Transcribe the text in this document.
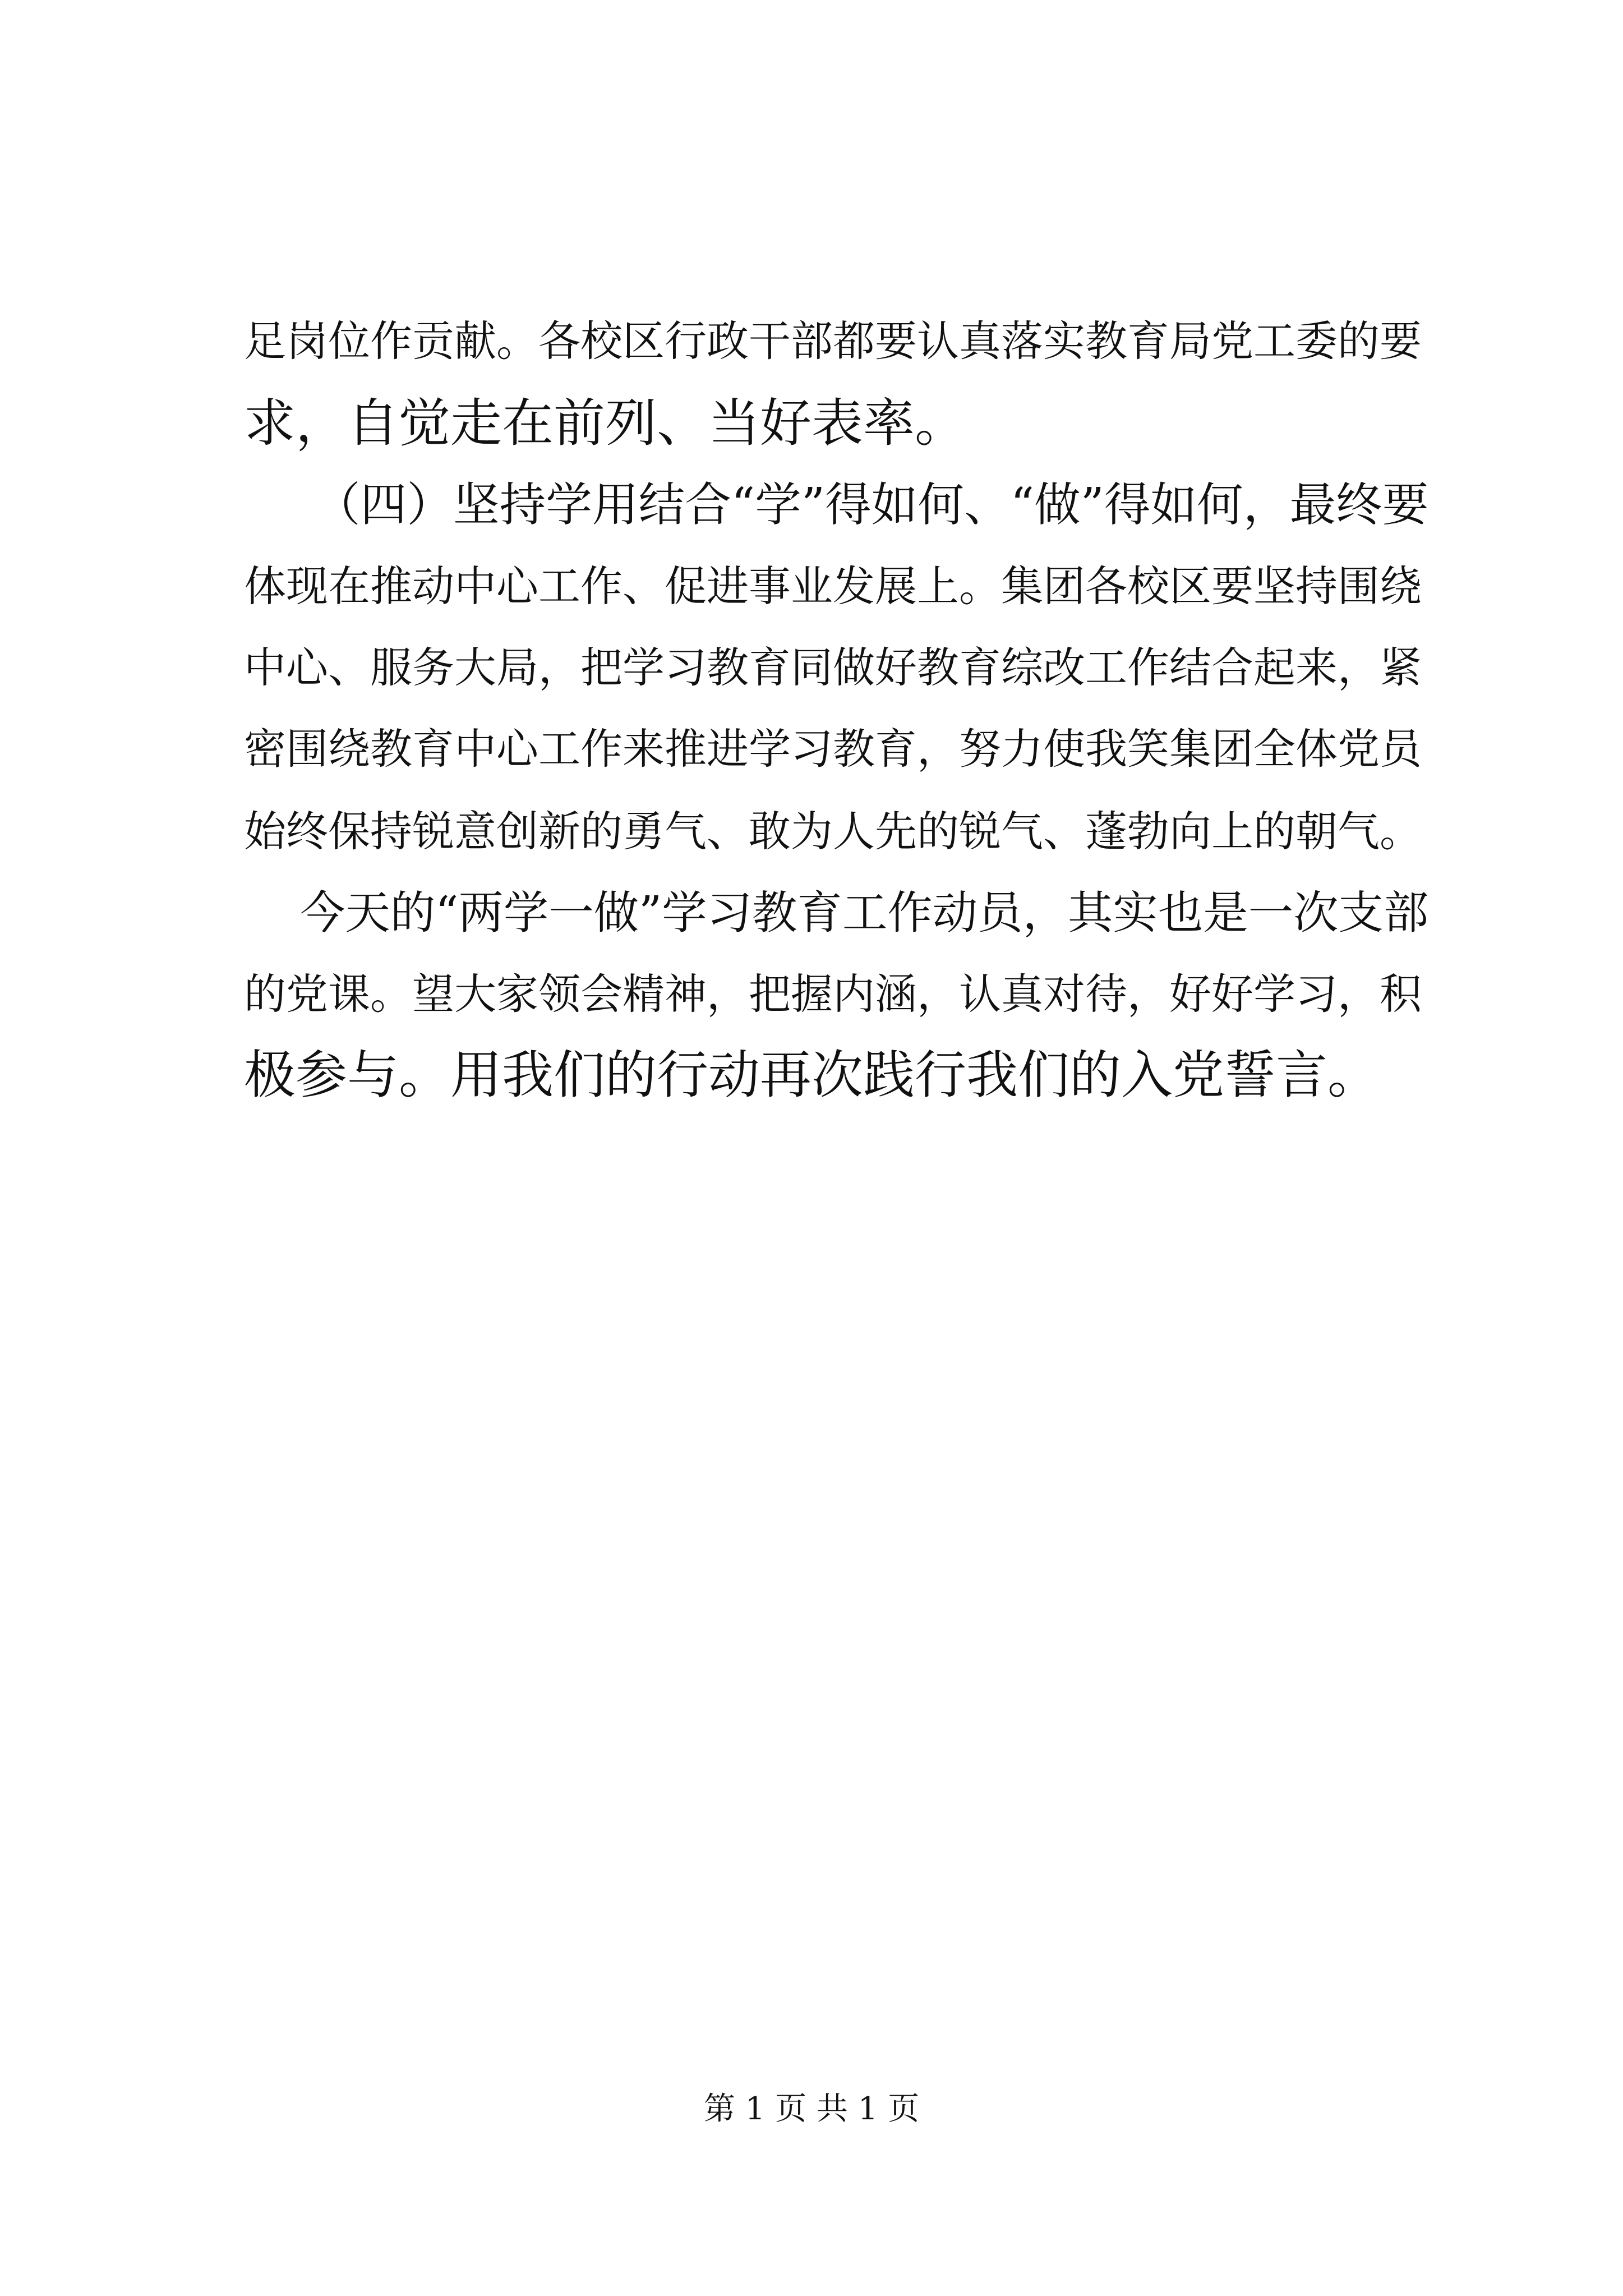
足岗位作贡献。各校区行政干部都要认真落实教育局党工委的要
求，自觉走在前列、当好表率。
（四）坚持学用结合“学”得如何、“做”得如何，最终要
体现在推动中心工作、促进事业发展上。集团各校区要坚持围绕
中心、服务大局，把学习教育同做好教育综改工作结合起来，紧
密围绕教育中心工作来推进学习教育，努力使我笑集团全体党员
始终保持锐意创新的勇气、敢为人先的锐气、蓬勃向上的朝气。
今天的“两学一做”学习教育工作动员，其实也是一次支部
的党课。望大家领会精神，把握内涵，认真对待，好好学习，积
极参与。用我们的行动再次践行我们的入党誓言。
第 1 页 共 1 页
